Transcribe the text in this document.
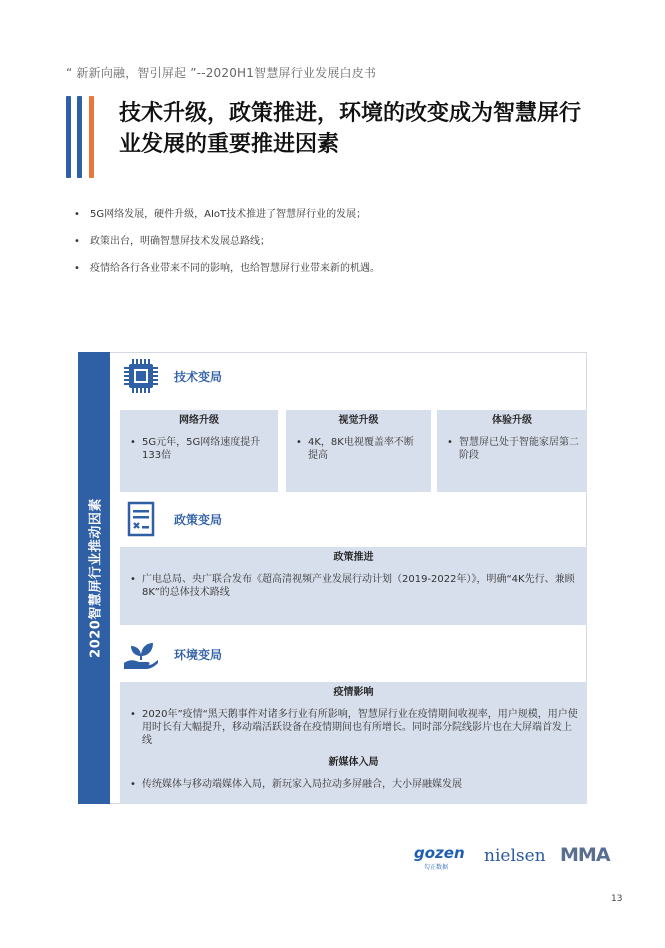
“ 新新向融，智引屏起 ”--2020H1智慧屏行业发展白皮书
技术升级，政策推进，环境的改变成为智慧屏行业发展的重要推进因素
• 5G网络发展，硬件升级，AIoT技术推进了智慧屏行业的发展；
• 政策出台，明确智慧屏技术发展总路线；
• 疫情给各行各业带来不同的影响，也给智慧屏行业带来新的机遇。
2020智慧屏行业推动因素
技术变局
网络升级
• 5G元年，5G网络速度提升133倍
视觉升级
• 4K，8K电视覆盖率不断提高
体验升级
• 智慧屏已处于智能家居第二阶段
政策变局
政策推进
• 广电总局、央广联合发布《超高清视频产业发展行动计划（2019-2022年）》，明确“4K先行、兼顾8K”的总体技术路线
环境变局
疫情影响
• 2020年”疫情“黑天鹅事件对诸多行业有所影响，智慧屏行业在疫情期间收视率，用户规模，用户使用时长有大幅提升，移动端活跃设备在疫情期间也有所增长。同时部分院线影片也在大屏端首发上线
新媒体入局
• 传统媒体与移动端媒体入局，新玩家入局拉动多屏融合，大小屏融媒发展
gozen
勾正数据
nielsen MMA
13
